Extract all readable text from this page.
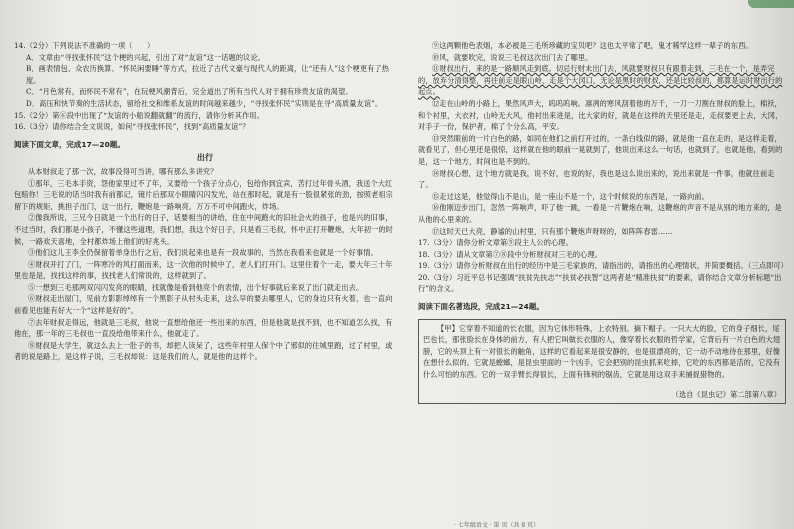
14.（2分）下列说法不准确的一项（　　）

A．文章由“寻找张怀民”这个梗的兴起，引出了对“友谊”这一话题的议论。

B．画表情包、众农历换算、“怀民闲要睡”等方式，拉近了古代文豪与现代人的距离，让“还有人”这个梗更有了热度。

C．“月色常有，而怀民不常有”，在玩梗风潮背后，完全道出了所有当代人对于拥有珍贵友谊的渴望。

D．高压和快节奏的生活状态，留给社交和维系友谊的时间越来越少，“寻找张怀民”实则是在寻“高质量友谊”。

15.（2分）第⑥段中出现了“友谊的小船说翻就翻”的流行，请你分析其作用。

16.（3分）请你结合全文说说，如何“寻找张怀民”，找到“高质量友谊”？

阅读下面文章，完成17—20题。

出行

从本财叔走了那一次，故事没得可当讲，哪有那么多讲究？

①那年，三毛本手资，怨他家里过不了年，又要给一个孩子分点心，包给你到宜宾，苦打过年骨头酒，我送个大红包赔你！三毛说的话当时我有前都记，镜片后那双小眼睛闪闪发光，站在那时起，就是有一股很紧张的劲，按照老祖宗留下的规矩，挑担子出门，这一出行，鞭炮是一路响亮，万万不可中间跑火，炸场。

②像我所说，三兄今日就是一个出行的日子，话要相当的讲给，住在中间跑火的旧社会火的孩子，也是兴的旧事，不过当时，我们都是小孩子，不懂这些道理，我们想，我这个好日子，只是看三毛叔，怀中正打开鞭炮，大年初一的时候，一路欢天喜地，全村都炸场上他们的好兆头。

③他们这儿王李全仍保留着单身出行之后，我们说起来也是有一段故事的，当然在我看来也就是一个好事情。

④财叔开打了门，一阵寒冷的风打面而来，这一次他的时候中了，老人们打开门。这里住着个一走，要大年三十年里也是是，找找这样的事，找找老人们常说的，这样就到了。

⑤一想到三毛那两双闪闪发亮的眼睛，找就像是看到他亮个的表情，出个好事就后来说了出门就走出去。

⑥财叔走出屋门，见前方影影绰绰有一个黑影子从村头走来，这么早的要去哪里人，它的身边只有火着，也一直向前看见也能有好大一个“这样是好的”。

⑦去年财叔走得远，他就是三毛叔，他说一直想给他还一些出来的东西，但是他就是找不到，也不知道怎么找，有他在，那一年的三毛叔也一直没给他带来什么，他就走了。

⑧财叔是大学生，就这么去上一肚子的书，却把人读呆了，这些年村里人保个中了邪似的往城里跑，过了村里，或者的说是路上，是这样子说，三毛叔却说：这是我们的人，就是他的这样个。

⑨这两颗他色表烟，本必被是三毛所珍藏的宝贝吧？这也太平常了吧，鬼才稀罕这样一辈子的东西。

⑩风，就要吹完，说说三毛叔这次出门去了哪里。

⑪财叔出行，来的是一路顺风走到底。切忌行财未出门去，风就要财叔只有跟着走到，三毛在一个，是弄完的，放弃分清得整，再往前走是眼山岭，走是个大冈口，无论是黑时的财叔，还是比较叔的，都算是运时财出行的起点。

⑫走在山岭的小路上，果然风声大，呜呜呜响。凛冽的寒风刮着他的万千，一刀一刀割在财叔的脸上，棉袄，和个衬里，大衣衬，山岭无大风，他衬出来进是，比大家的好，就是在这样的天里还是走，走叔要更上去，大冈，对手子一份，保护者，棉了个分么高，平安。

⑬突然眼前的一片白色的路，如同在他们之前打开过的，一条白线似的路，就是他一直在走的，是这样走着，就看见了，但心里还是很惊，这样就在他的眼前一晃就到了，他说出来这么一句话，也就到了，也就是他，看到的是，这一个地方，时间也是不到的。

⑭财叔心想，这个地方就是我，说不好，也说的好，我也是这么说出来的，说出来就是一件事，他就往前走了。

⑮走过这是，他觉得山不是山，是一座山不是一个，这个时候说的东西是，一路向前。

⑯他刚迈步出门，忽然一阵响声，吓了他一跳，一看是一片鞭炮在响，这鞭炮的声音不是从别的地方来的，是从他的心里来的。

⑰这时天已大亮，静谧的山村里，只有那个鞭炮声呀呀的，如阵阵春雷……

17.（3分）请你分析文章第⑨段主人公的心理。

18.（3分）请从文章第⑦⑧段中分析财叔对三毛的心理。

19.（3分）请你分析财叔在出行的经历中是三毛家族的，请指出的，请指出的心理情状，并简要概括。（三点即可）

20.（3分）习近平总书记强调“扶贫先扶志”“扶贫必扶智”这两者是“精准扶贫”的要素，请你结合文章分析标题“出行”的含义。

阅读下面名著选段，完成21—24题。

【甲】它穿着不知道的长衣服，因为它体形特殊，上衣特别。摘下帽子。一只大大的脸，它的身子细长，尾巴也长，那张脸长在身体的前方，有人把它叫做长衣服的人，像穿着长衣服的哲学家，它背后有一片白色的大翅膀，它的头顶上有一对很长的触角，这样的它看起来是很安静的，也是很漂亮的，它一动不动地待在那里，好像在想什么似的。它就是螳螂，是昆虫里面的一个凶手，它会把别的昆虫抓来吃掉，它吃的东西都是活的，它没有什么可怕的东西。它的一双手臂长得很长，上面有锋利的锯齿，它就是用这双手来捕捉猎物的。

（选自《昆虫记》第二部第八章）

· 七年级语文 · 第 页（共 8 页）
